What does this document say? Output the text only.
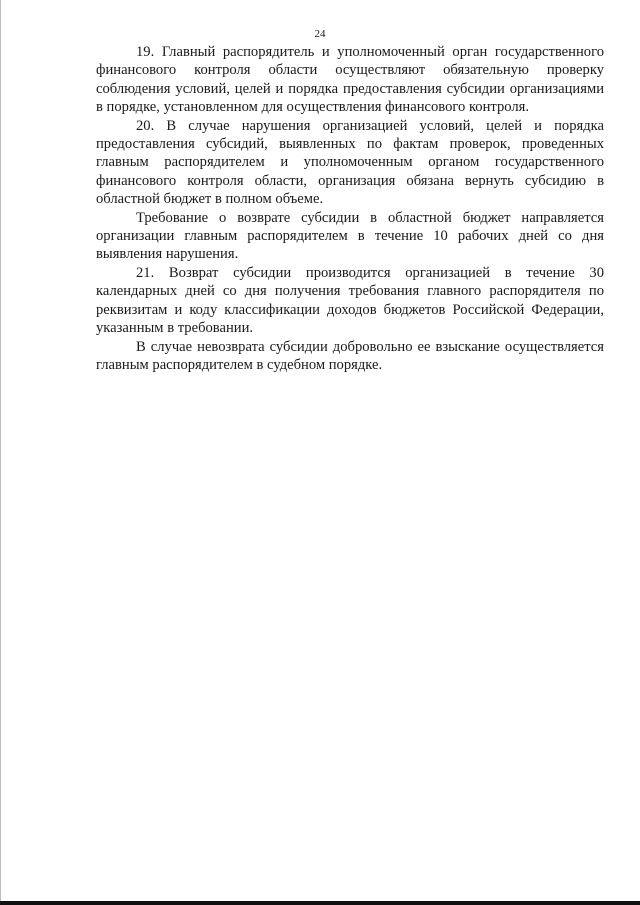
24

19. Главный распорядитель и уполномоченный орган государственного финансового контроля области осуществляют обязательную проверку соблюдения условий, целей и порядка предоставления субсидии организациями в порядке, установленном для осуществления финансового контроля.

20. В случае нарушения организацией условий, целей и порядка предоставления субсидий, выявленных по фактам проверок, проведенных главным распорядителем и уполномоченным органом государственного финансового контроля области, организация обязана вернуть субсидию в областной бюджет в полном объеме.

Требование о возврате субсидии в областной бюджет направляется организации главным распорядителем в течение 10 рабочих дней со дня выявления нарушения.

21. Возврат субсидии производится организацией в течение 30 календарных дней со дня получения требования главного распорядителя по реквизитам и коду классификации доходов бюджетов Российской Федерации, указанным в требовании.

В случае невозврата субсидии добровольно ее взыскание осуществляется главным распорядителем в судебном порядке.
